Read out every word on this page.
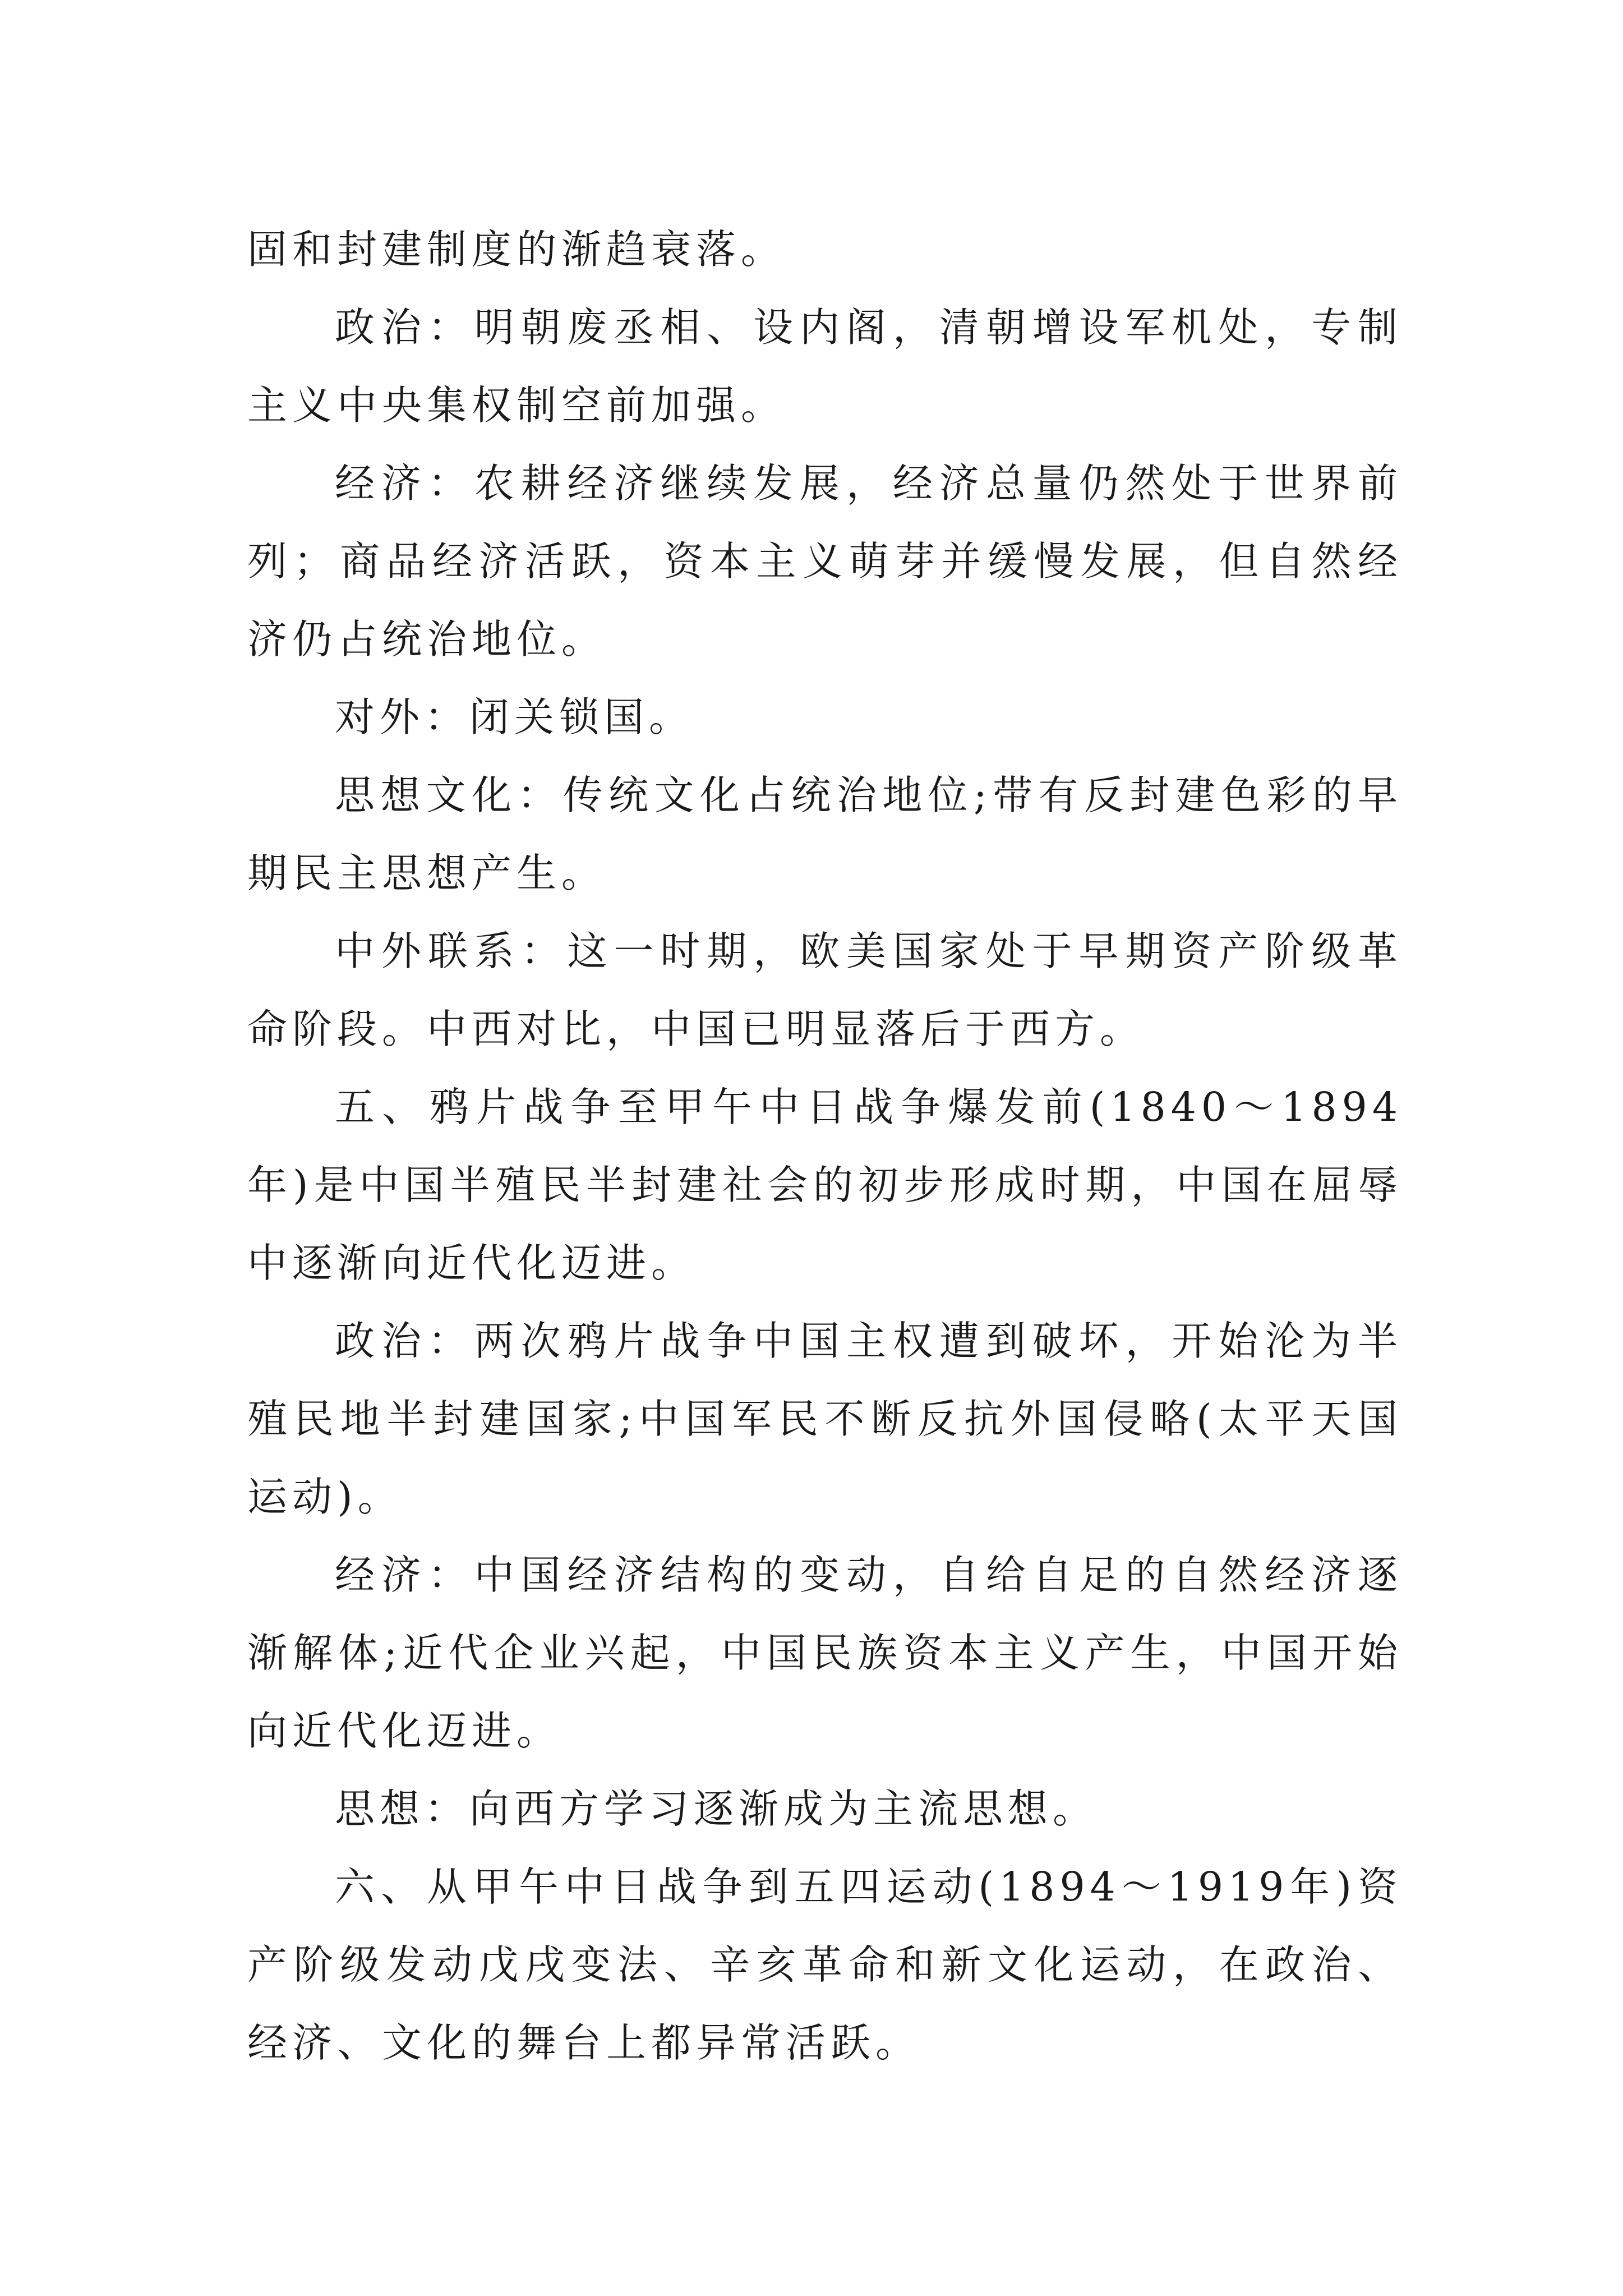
固和封建制度的渐趋衰落。

政治：明朝废丞相、设内阁，清朝增设军机处，专制主义中央集权制空前加强。

经济：农耕经济继续发展，经济总量仍然处于世界前列；商品经济活跃，资本主义萌芽并缓慢发展，但自然经济仍占统治地位。

对外：闭关锁国。

思想文化：传统文化占统治地位;带有反封建色彩的早期民主思想产生。

中外联系：这一时期，欧美国家处于早期资产阶级革命阶段。中西对比，中国已明显落后于西方。

五、鸦片战争至甲午中日战争爆发前(1840～1894年)是中国半殖民半封建社会的初步形成时期，中国在屈辱中逐渐向近代化迈进。

政治：两次鸦片战争中国主权遭到破坏，开始沦为半殖民地半封建国家;中国军民不断反抗外国侵略(太平天国运动)。

经济：中国经济结构的变动，自给自足的自然经济逐渐解体;近代企业兴起，中国民族资本主义产生，中国开始向近代化迈进。

思想：向西方学习逐渐成为主流思想。

六、从甲午中日战争到五四运动(1894～1919年)资产阶级发动戊戌变法、辛亥革命和新文化运动，在政治、经济、文化的舞台上都异常活跃。
